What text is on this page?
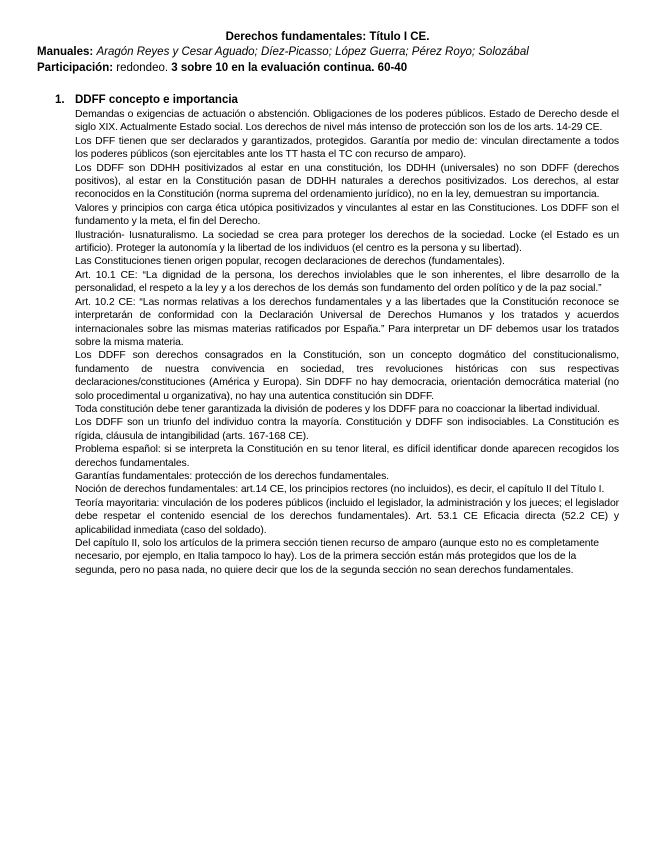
Derechos fundamentales: Título I CE.
Manuales: Aragón Reyes y Cesar Aguado; Díez-Picasso; López Guerra; Pérez Royo; Solozábal
Participación: redondeo. 3 sobre 10 en la evaluación continua. 60-40
1. DDFF concepto e importancia

Demandas o exigencias de actuación o abstención. Obligaciones de los poderes públicos. Estado de Derecho desde el siglo XIX. Actualmente Estado social. Los derechos de nivel más intenso de protección son los de los arts. 14-29 CE.

Los DFF tienen que ser declarados y garantizados, protegidos. Garantía por medio de: vinculan directamente a todos los poderes públicos (son ejercitables ante los TT hasta el TC con recurso de amparo).

Los DDFF son DDHH positivizados al estar en una constitución, los DDHH (universales) no son DDFF (derechos positivos), al estar en la Constitución pasan de DDHH naturales a derechos positivizados. Los derechos, al estar reconocidos en la Constitución (norma suprema del ordenamiento jurídico), no en la ley, demuestran su importancia.

Valores y principios con carga ética utópica positivizados y vinculantes al estar en las Constituciones. Los DDFF son el fundamento y la meta, el fin del Derecho.

Ilustración- Iusnaturalismo. La sociedad se crea para proteger los derechos de la sociedad. Locke (el Estado es un artificio). Proteger la autonomía y la libertad de los individuos (el centro es la persona y su libertad).

Las Constituciones tienen origen popular, recogen declaraciones de derechos (fundamentales).

Art. 10.1 CE: “La dignidad de la persona, los derechos inviolables que le son inherentes, el libre desarrollo de la personalidad, el respeto a la ley y a los derechos de los demás son fundamento del orden político y de la paz social.”

Art. 10.2 CE: “Las normas relativas a los derechos fundamentales y a las libertades que la Constitución reconoce se interpretarán de conformidad con la Declaración Universal de Derechos Humanos y los tratados y acuerdos internacionales sobre las mismas materias ratificados por España.” Para interpretar un DF debemos usar los tratados sobre la misma materia.

Los DDFF son derechos consagrados en la Constitución, son un concepto dogmático del constitucionalismo, fundamento de nuestra convivencia en sociedad, tres revoluciones históricas con sus respectivas declaraciones/constituciones (América y Europa). Sin DDFF no hay democracia, orientación democrática material (no solo procedimental u organizativa), no hay una autentica constitución sin DDFF.

Toda constitución debe tener garantizada la división de poderes y los DDFF para no coaccionar la libertad individual.

Los DDFF son un triunfo del individuo contra la mayoría. Constitución y DDFF son indisociables. La Constitución es rígida, cláusula de intangibilidad (arts. 167-168 CE).

Problema español: si se interpreta la Constitución en su tenor literal, es difícil identificar donde aparecen recogidos los derechos fundamentales.

Garantías fundamentales: protección de los derechos fundamentales.

Noción de derechos fundamentales: art.14 CE, los principios rectores (no incluidos), es decir, el capítulo II del Título I.

Teoría mayoritaria: vinculación de los poderes públicos (incluido el legislador, la administración y los jueces; el legislador debe respetar el contenido esencial de los derechos fundamentales). Art. 53.1 CE Eficacia directa (52.2 CE) y aplicabilidad inmediata (caso del soldado).

Del capítulo II, solo los artículos de la primera sección tienen recurso de amparo (aunque esto no es completamente necesario, por ejemplo, en Italia tampoco lo hay). Los de la primera sección están más protegidos que los de la segunda, pero no pasa nada, no quiere decir que los de la segunda sección no sean derechos fundamentales.
